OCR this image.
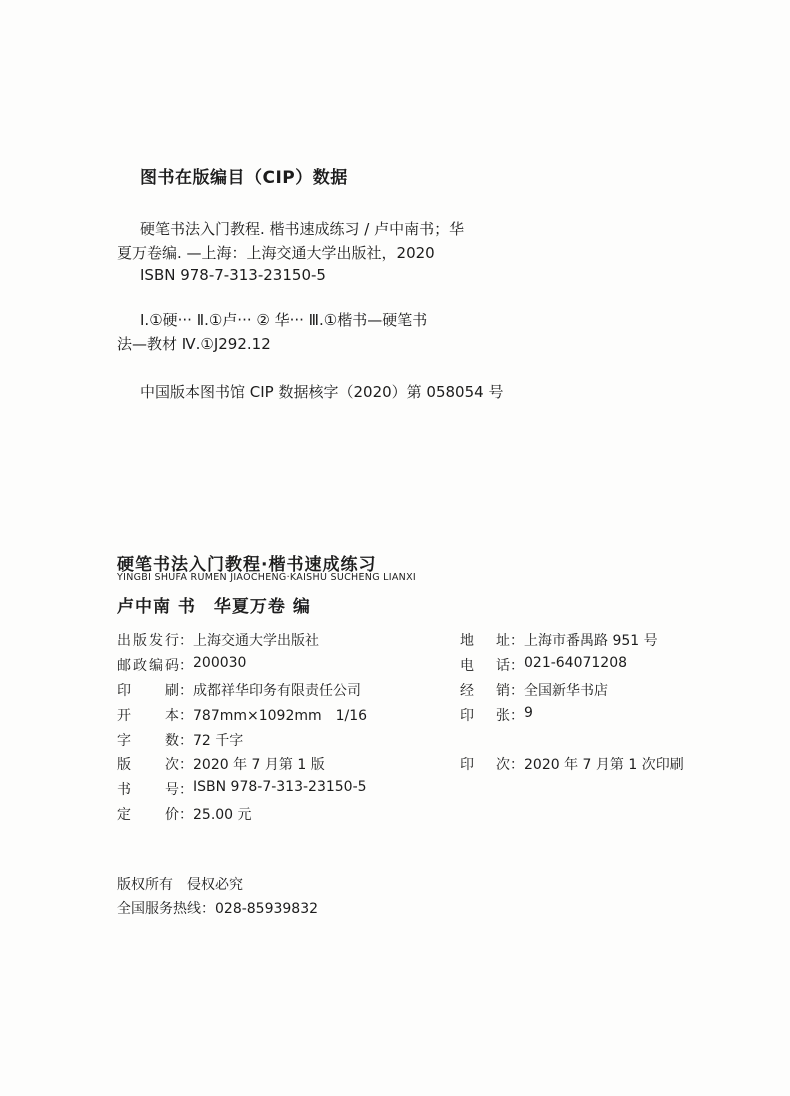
图书在版编目（CIP）数据
硬笔书法入门教程. 楷书速成练习 / 卢中南书；华
夏万卷编. —上海：上海交通大学出版社，2020
ISBN 978-7-313-23150-5
Ⅰ.①硬··· Ⅱ.①卢··· ② 华··· Ⅲ.①楷书—硬笔书
法—教材 Ⅳ.①J292.12
中国版本图书馆 CIP 数据核字（2020）第 058054 号
硬笔书法入门教程·楷书速成练习
YINGBI SHUFA RUMEN JIAOCHENG·KAISHU SUCHENG LIANXI
卢中南 书　华夏万卷 编
出版发行 ： 上海交通大学出版社
邮政编码 ： 200030
印刷 ： 成都祥华印务有限责任公司
开本 ： 787mm×1092mm　1/16
字数 ： 72 千字
版次 ： 2020 年 7 月第 1 版
书号 ： ISBN 978-7-313-23150-5
定价 ： 25.00 元
地址 ： 上海市番禺路 951 号
电话 ： 021-64071208
经销 ： 全国新华书店
印张 ： 9
印次 ： 2020 年 7 月第 1 次印刷
版权所有　侵权必究
全国服务热线：028-85939832
